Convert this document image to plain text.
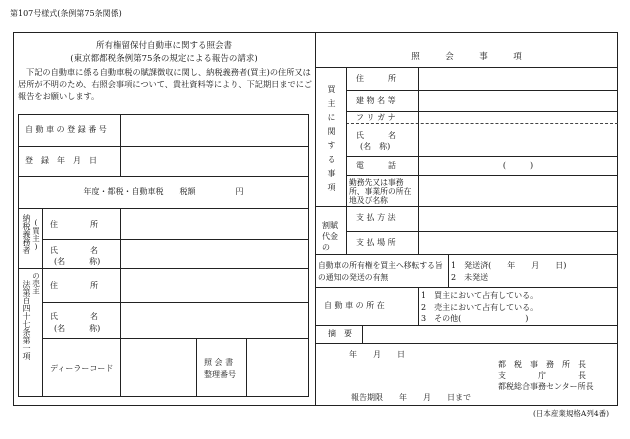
第107号様式(条例第75条関係)
所有権留保付自動車に関する照会書
(東京都都税条例第75条の規定による報告の請求)
下記の自動車に係る自動車税の賦課徴収に関し、納税義務者(買主)の住所又は
居所が不明のため、右照会事項について、貴社資料等により、下記期日までにご
報告をお願いします。
自 動 車 の 登 録 番 号
登　録　年　月　日
年度・都税・自動車税　　税額　　　　　円
納税義務者 (買主) 住　　　　所
氏　　　　名
(名　　　称)
の売主
法第百四十七条第一項 住　　　　所
氏　　　　名
(名　　　称)
ディーラーコード
照 会 書
整理番号
照　　　会　　　事　　　項
買主に関する事項
住　　　所
建 物 名 等
フ リ ガ ナ
氏　　　名
(名　称)
電　　　話	(　　　)
勤務先又は事務
所、事業所の所在
地及び名称
割賦代金の
支 払 方 法
支 払 場 所
自動車の所有権を買主へ移転する旨
の通知の発送の有無
1　発送済(　　年　　月　　日)
2　未発送
自 動 車 の 所 在
1　買主において占有している。
2　売主において占有している。
3　その他(　　　　　　　　)
摘　要
年　　月　　日
都　税　事　務　所　長
支　　　　庁　　　　長
都税総合事務センター所長
報告期限　　年　　月　　日まで
(日本産業規格A列4番)
